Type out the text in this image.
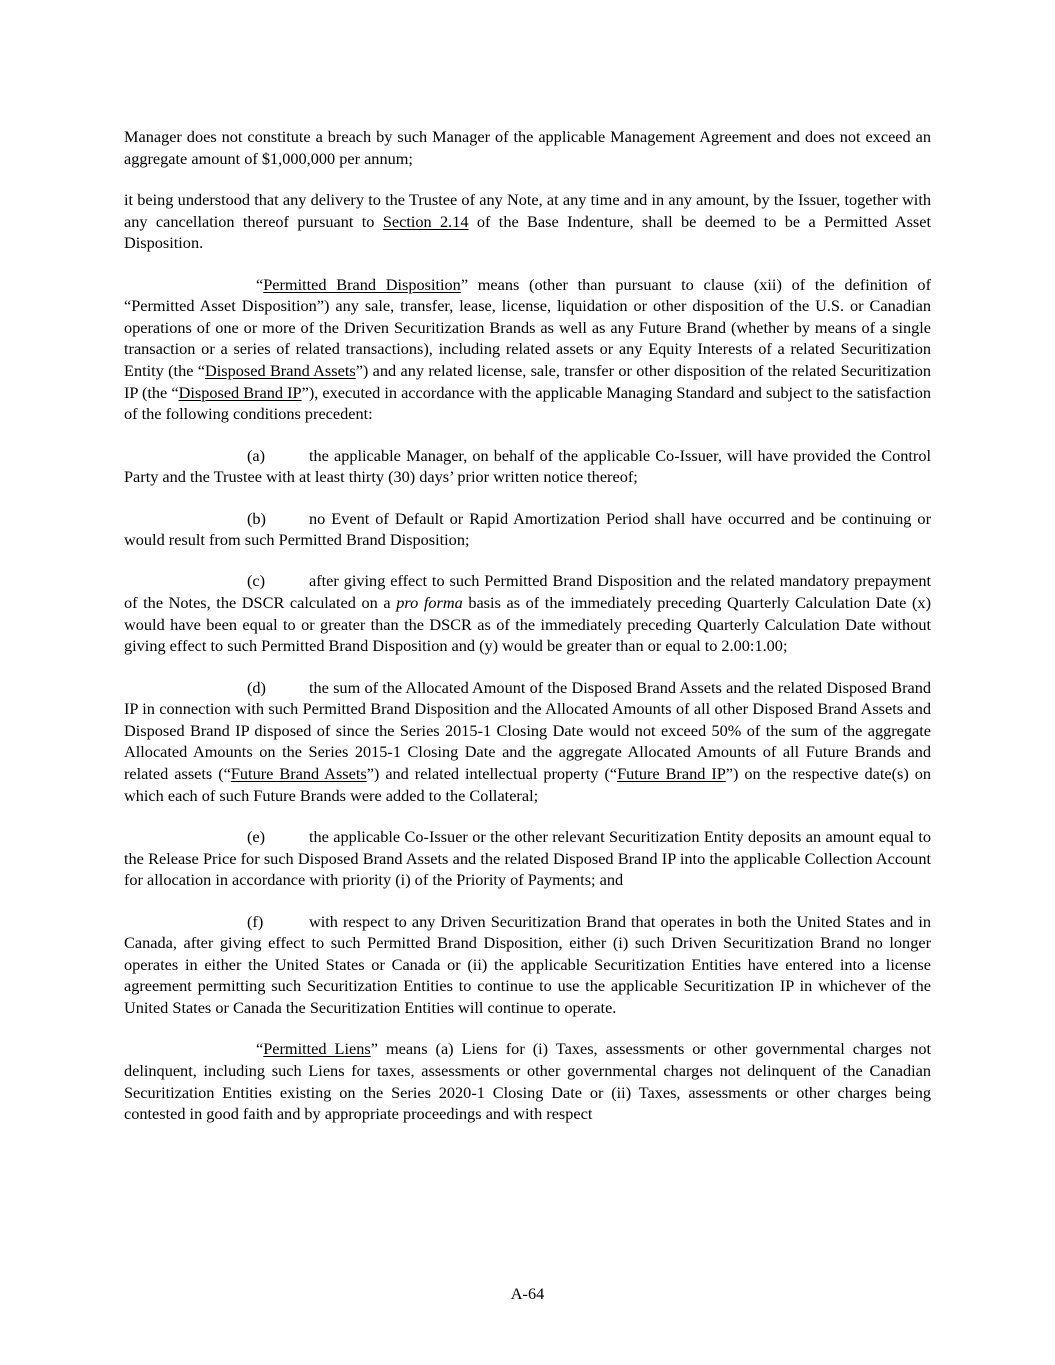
Manager does not constitute a breach by such Manager of the applicable Management Agreement and does not exceed an aggregate amount of $1,000,000 per annum;

it being understood that any delivery to the Trustee of any Note, at any time and in any amount, by the Issuer, together with any cancellation thereof pursuant to Section 2.14 of the Base Indenture, shall be deemed to be a Permitted Asset Disposition.

“Permitted Brand Disposition” means (other than pursuant to clause (xii) of the definition of “Permitted Asset Disposition”) any sale, transfer, lease, license, liquidation or other disposition of the U.S. or Canadian operations of one or more of the Driven Securitization Brands as well as any Future Brand (whether by means of a single transaction or a series of related transactions), including related assets or any Equity Interests of a related Securitization Entity (the “Disposed Brand Assets”) and any related license, sale, transfer or other disposition of the related Securitization IP (the “Disposed Brand IP”), executed in accordance with the applicable Managing Standard and subject to the satisfaction of the following conditions precedent:

(a)	the applicable Manager, on behalf of the applicable Co-Issuer, will have provided the Control Party and the Trustee with at least thirty (30) days’ prior written notice thereof;

(b)	no Event of Default or Rapid Amortization Period shall have occurred and be continuing or would result from such Permitted Brand Disposition;

(c)	after giving effect to such Permitted Brand Disposition and the related mandatory prepayment of the Notes, the DSCR calculated on a pro forma basis as of the immediately preceding Quarterly Calculation Date (x) would have been equal to or greater than the DSCR as of the immediately preceding Quarterly Calculation Date without giving effect to such Permitted Brand Disposition and (y) would be greater than or equal to 2.00:1.00;

(d)	the sum of the Allocated Amount of the Disposed Brand Assets and the related Disposed Brand IP in connection with such Permitted Brand Disposition and the Allocated Amounts of all other Disposed Brand Assets and Disposed Brand IP disposed of since the Series 2015-1 Closing Date would not exceed 50% of the sum of the aggregate Allocated Amounts on the Series 2015-1 Closing Date and the aggregate Allocated Amounts of all Future Brands and related assets (“Future Brand Assets”) and related intellectual property (“Future Brand IP”) on the respective date(s) on which each of such Future Brands were added to the Collateral;

(e)	the applicable Co-Issuer or the other relevant Securitization Entity deposits an amount equal to the Release Price for such Disposed Brand Assets and the related Disposed Brand IP into the applicable Collection Account for allocation in accordance with priority (i) of the Priority of Payments; and

(f)	with respect to any Driven Securitization Brand that operates in both the United States and in Canada, after giving effect to such Permitted Brand Disposition, either (i) such Driven Securitization Brand no longer operates in either the United States or Canada or (ii) the applicable Securitization Entities have entered into a license agreement permitting such Securitization Entities to continue to use the applicable Securitization IP in whichever of the United States or Canada the Securitization Entities will continue to operate.

“Permitted Liens” means (a) Liens for (i) Taxes, assessments or other governmental charges not delinquent, including such Liens for taxes, assessments or other governmental charges not delinquent of the Canadian Securitization Entities existing on the Series 2020-1 Closing Date or (ii) Taxes, assessments or other charges being contested in good faith and by appropriate proceedings and with respect

A-64
